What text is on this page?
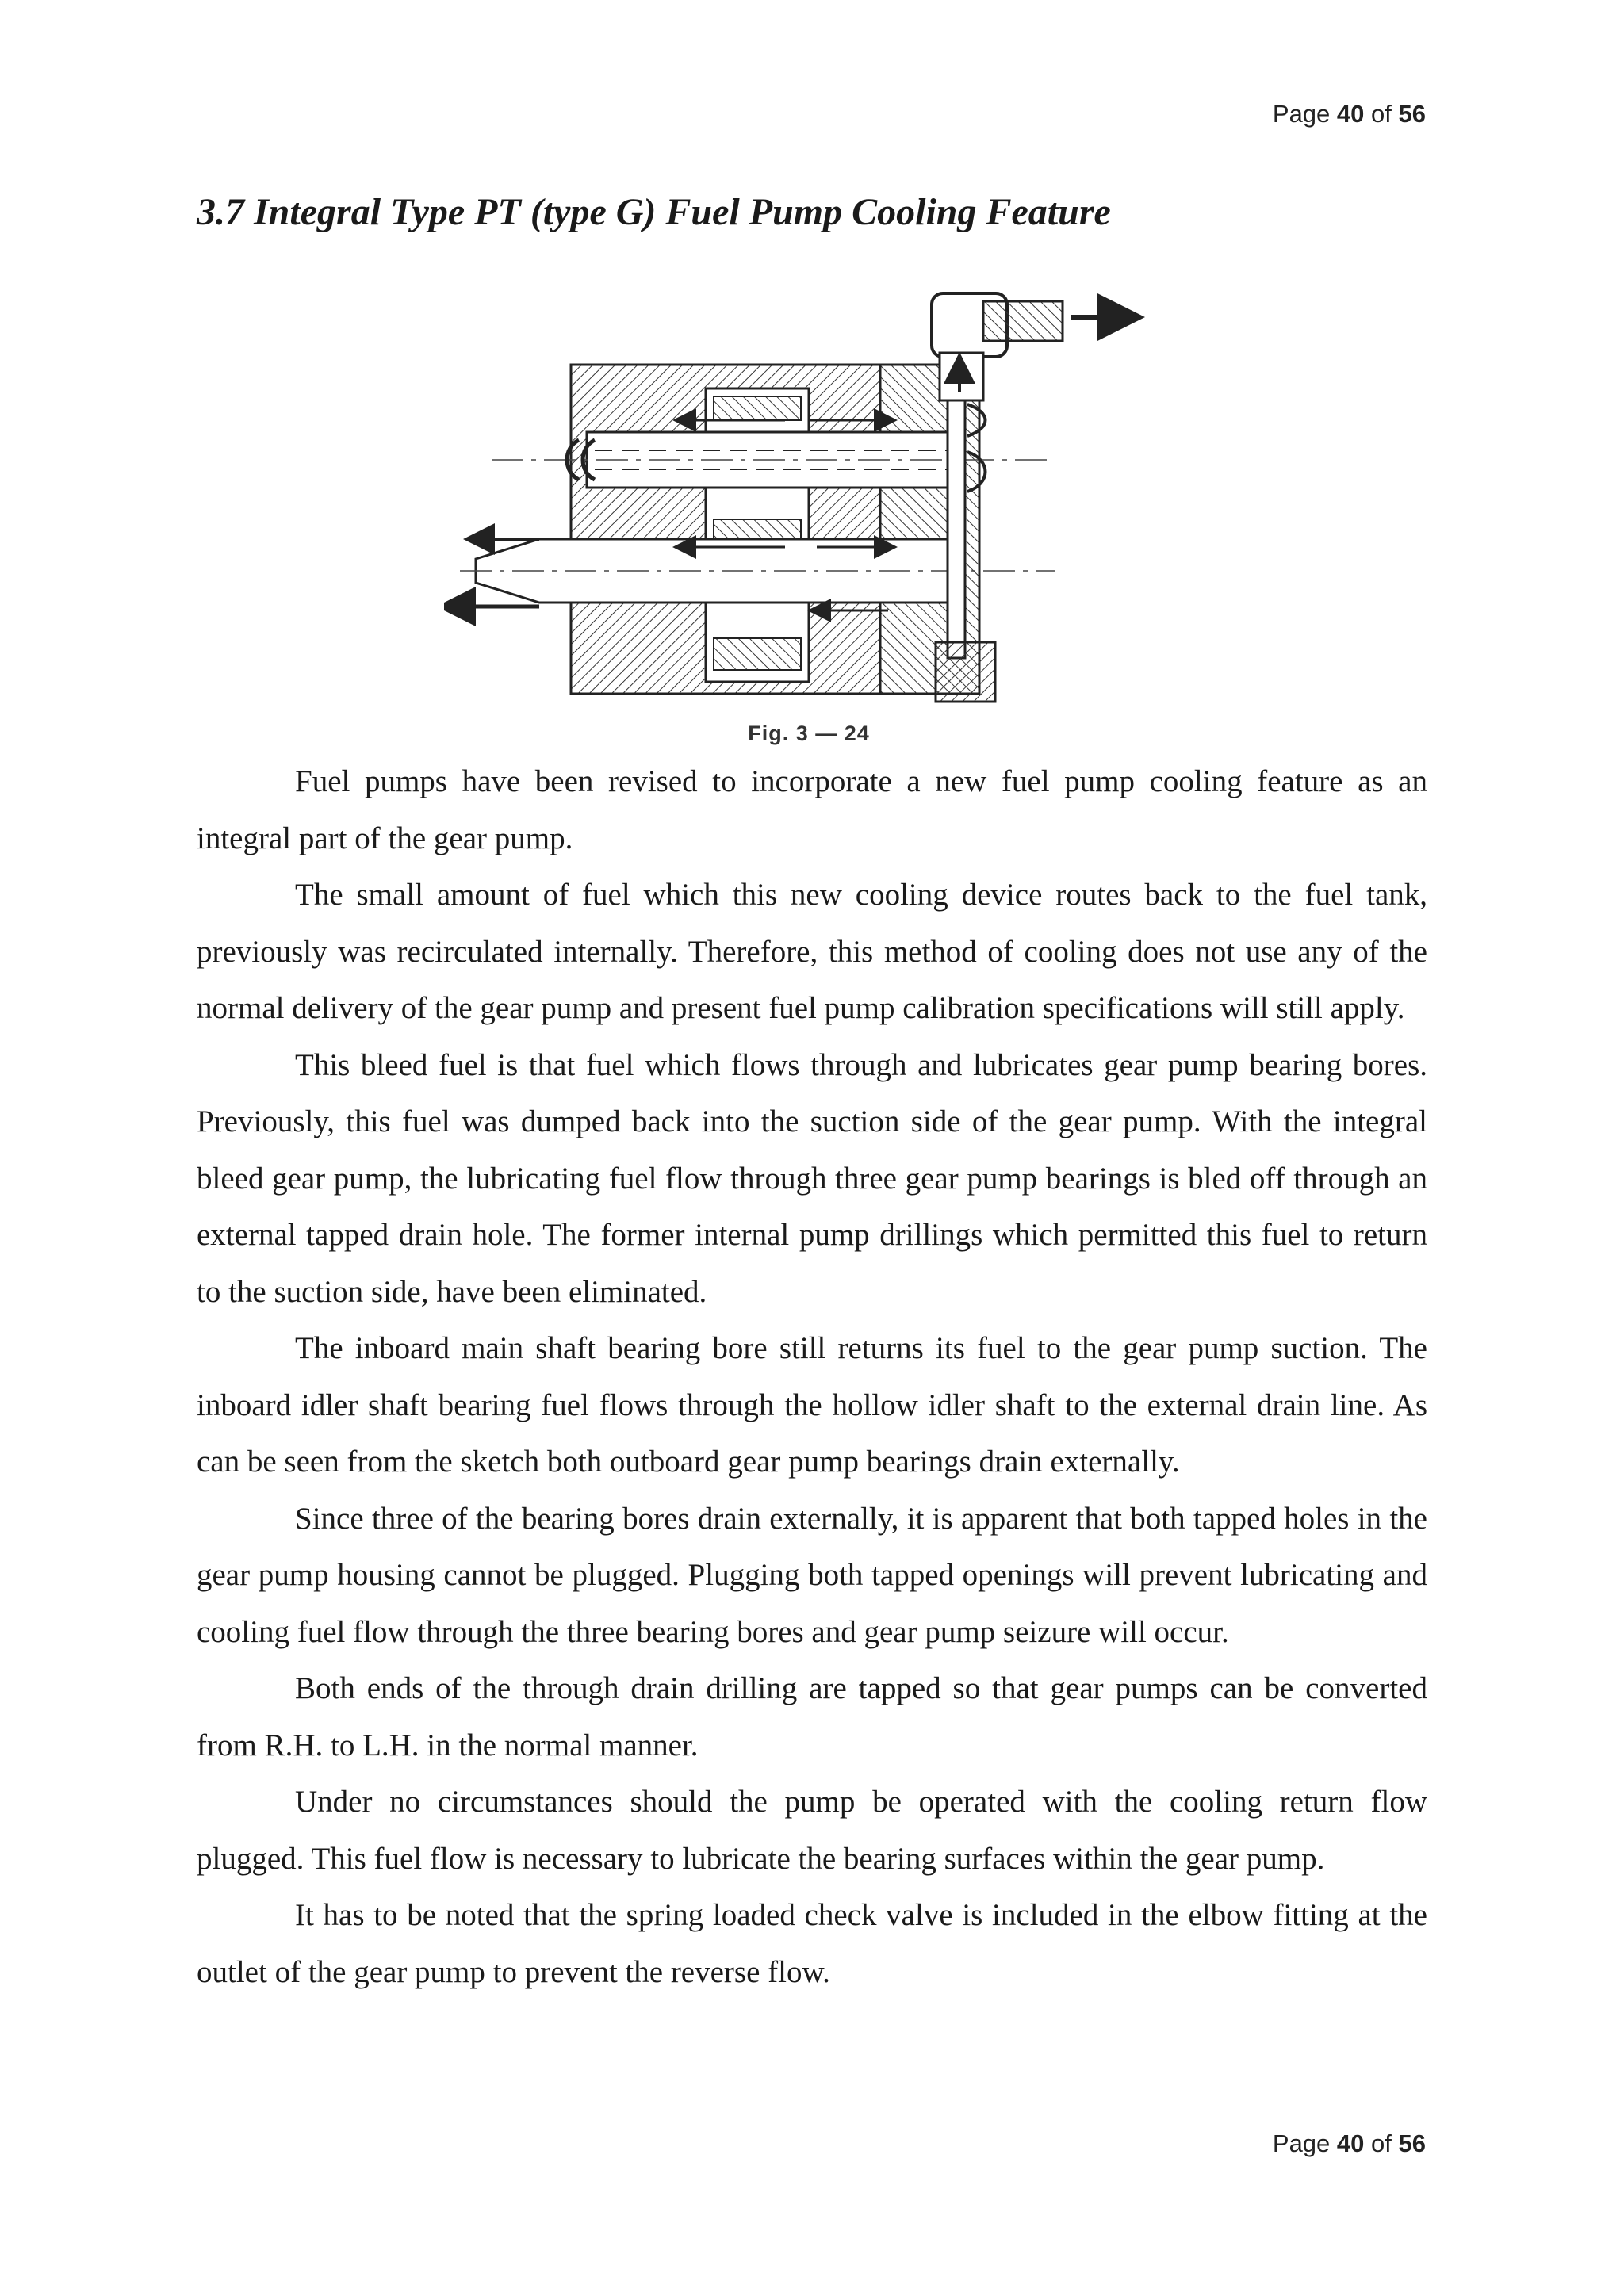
Page 40 of 56
3.7 Integral Type PT (type G) Fuel Pump Cooling Feature
Fig. 3 — 24

Fuel pumps have been revised to incorporate a new fuel pump cooling feature as an integral part of the gear pump.

The small amount of fuel which this new cooling device routes back to the fuel tank, previously was recirculated internally. Therefore, this method of cooling does not use any of the normal delivery of the gear pump and present fuel pump calibration specifications will still apply.

This bleed fuel is that fuel which flows through and lubricates gear pump bearing bores. Previously, this fuel was dumped back into the suction side of the gear pump. With the integral bleed gear pump, the lubricating fuel flow through three gear pump bearings is bled off through an external tapped drain hole. The former internal pump drillings which permitted this fuel to return to the suction side, have been eliminated.

The inboard main shaft bearing bore still returns its fuel to the gear pump suction. The inboard idler shaft bearing fuel flows through the hollow idler shaft to the external drain line. As can be seen from the sketch both outboard gear pump bearings drain externally.

Since three of the bearing bores drain externally, it is apparent that both tapped holes in the gear pump housing cannot be plugged. Plugging both tapped openings will prevent lubricating and cooling fuel flow through the three bearing bores and gear pump seizure will occur.

Both ends of the through drain drilling are tapped so that gear pumps can be converted from R.H. to L.H. in the normal manner.

Under no circumstances should the pump be operated with the cooling return flow plugged. This fuel flow is necessary to lubricate the bearing surfaces within the gear pump.

It has to be noted that the spring loaded check valve is included in the elbow fitting at the outlet of the gear pump to prevent the reverse flow.

Page 40 of 56
